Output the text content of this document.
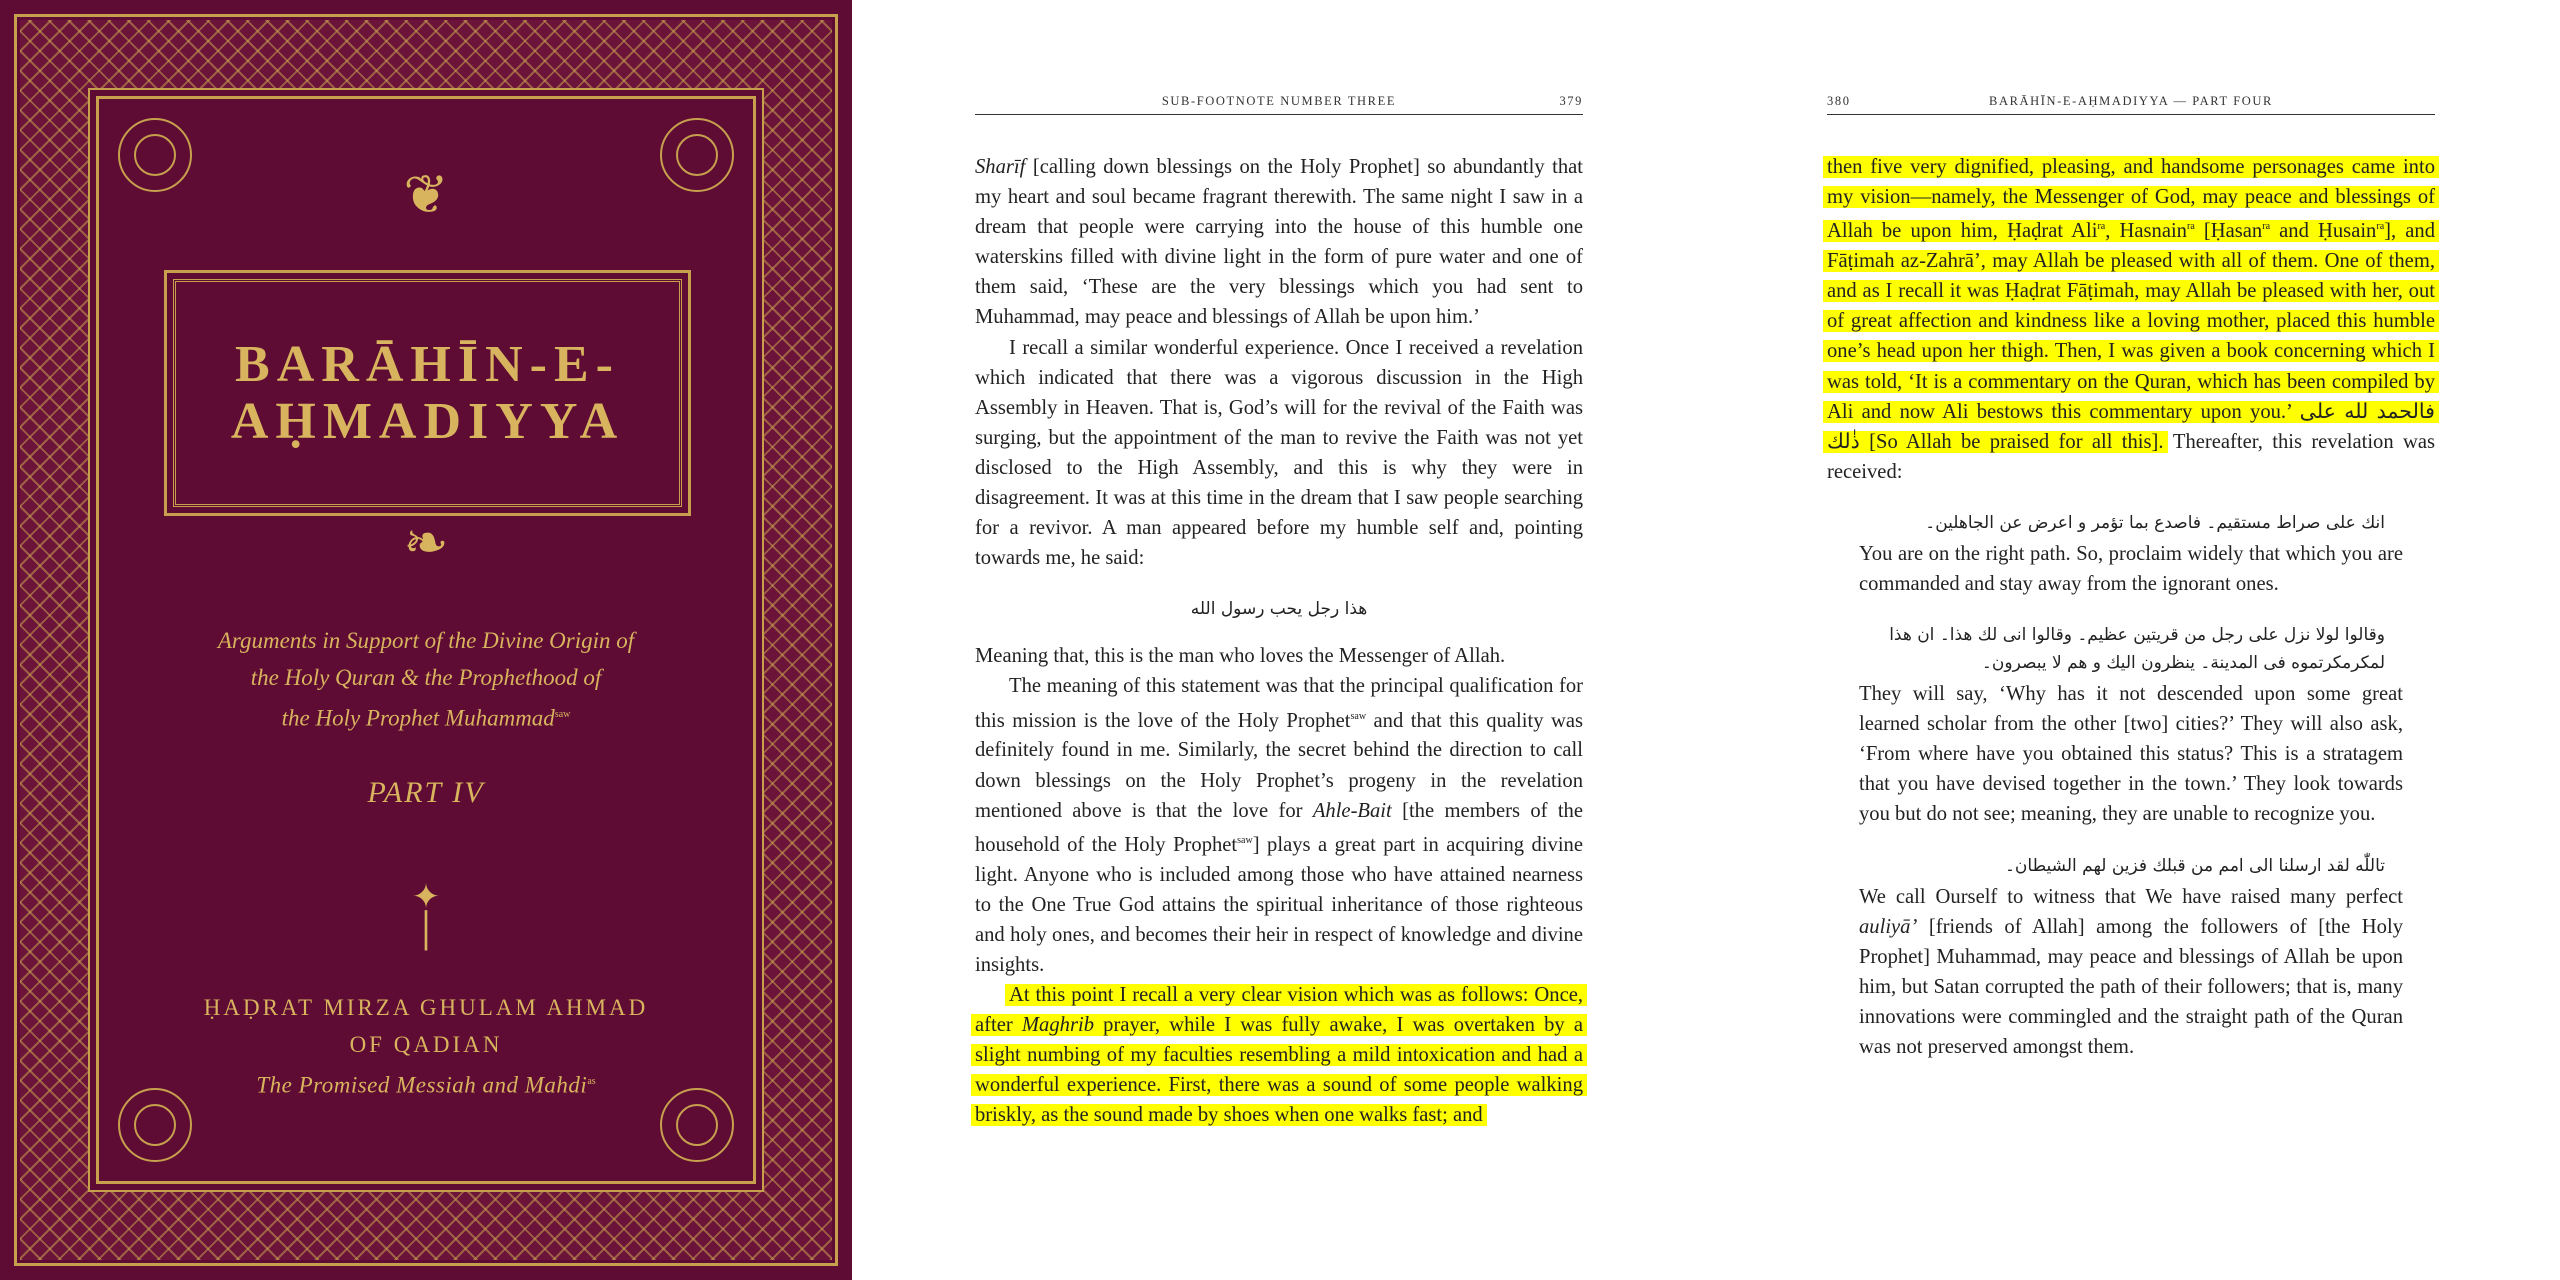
❦
BARĀHĪN-E-
AḤMADIYYA
❧
Arguments in Support of the Divine Origin of
the Holy Quran & the Prophethood of
the Holy Prophet Muhammad$^{saw}$
PART IV
✦
│
ḤAḌRAT MIRZA GHULAM AHMAD
OF QADIAN
The Promised Messiah and Mahdi$^{as}$
SUB-FOOTNOTE NUMBER THREE	379

Sharīf [calling down blessings on the Holy Prophet] so abundantly that my heart and soul became fragrant therewith. The same night I saw in a dream that people were carrying into the house of this humble one waterskins filled with divine light in the form of pure water and one of them said, ‘These are the very blessings which you had sent to Muhammad, may peace and blessings of Allah be upon him.’

I recall a similar wonderful experience. Once I received a revelation which indicated that there was a vigorous discussion in the High Assembly in Heaven. That is, God’s will for the revival of the Faith was surging, but the appointment of the man to revive the Faith was not yet disclosed to the High Assembly, and this is why they were in disagreement. It was at this time in the dream that I saw people searching for a revivor. A man appeared before my humble self and, pointing towards me, he said:

هذا رجل يحب رسول الله

Meaning that, this is the man who loves the Messenger of Allah.

The meaning of this statement was that the principal qualification for this mission is the love of the Holy Prophet$^{saw}$ and that this quality was definitely found in me. Similarly, the secret behind the direction to call down blessings on the Holy Prophet’s progeny in the revelation mentioned above is that the love for Ahle-Bait [the members of the household of the Holy Prophet$^{saw}$] plays a great part in acquiring divine light. Anyone who is included among those who have attained nearness to the One True God attains the spiritual inheritance of those righteous and holy ones, and becomes their heir in respect of knowledge and divine insights.

At this point I recall a very clear vision which was as follows: Once, after Maghrib prayer, while I was fully awake, I was overtaken by a slight numbing of my faculties resembling a mild intoxication and had a wonderful experience. First, there was a sound of some people walking briskly, as the sound made by shoes when one walks fast; and

380	BARĀHĪN-E-AḤMADIYYA — PART FOUR

then five very dignified, pleasing, and handsome personages came into my vision—namely, the Messenger of God, may peace and blessings of Allah be upon him, Ḥaḍrat Ali$^{ra}$, Hasnain$^{ra}$ [Ḥasan$^{ra}$ and Ḥusain$^{ra}$], and Fāṭimah az-Zahrā’, may Allah be pleased with all of them. One of them, and as I recall it was Ḥaḍrat Fāṭimah, may Allah be pleased with her, out of great affection and kindness like a loving mother, placed this humble one’s head upon her thigh. Then, I was given a book concerning which I was told, ‘It is a commentary on the Quran, which has been compiled by Ali and now Ali bestows this commentary upon you.’ فالحمد لله على ذٰلك [So Allah be praised for all this]. Thereafter, this revelation was received:

انك على صراط مستقيم۔ فاصدع بما تؤمر و اعرض عن الجاهلين۔

You are on the right path. So, proclaim widely that which you are commanded and stay away from the ignorant ones.

وقالوا لولا نزل على رجل من قريتين عظيم۔ وقالوا انى لك هذا۔ ان هذا لمكرمكرتموه فى المدينة۔ ينظرون اليك و هم لا يبصرون۔

They will say, ‘Why has it not descended upon some great learned scholar from the other [two] cities?’ They will also ask, ‘From where have you obtained this status? This is a stratagem that you have devised together in the town.’ They look towards you but do not see; meaning, they are unable to recognize you.

تاللّٰه لقد ارسلنا الى امم من قبلك فزين لهم الشيطان۔

We call Ourself to witness that We have raised many perfect auliyā’ [friends of Allah] among the followers of [the Holy Prophet] Muhammad, may peace and blessings of Allah be upon him, but Satan corrupted the path of their followers; that is, many innovations were commingled and the straight path of the Quran was not preserved amongst them.
